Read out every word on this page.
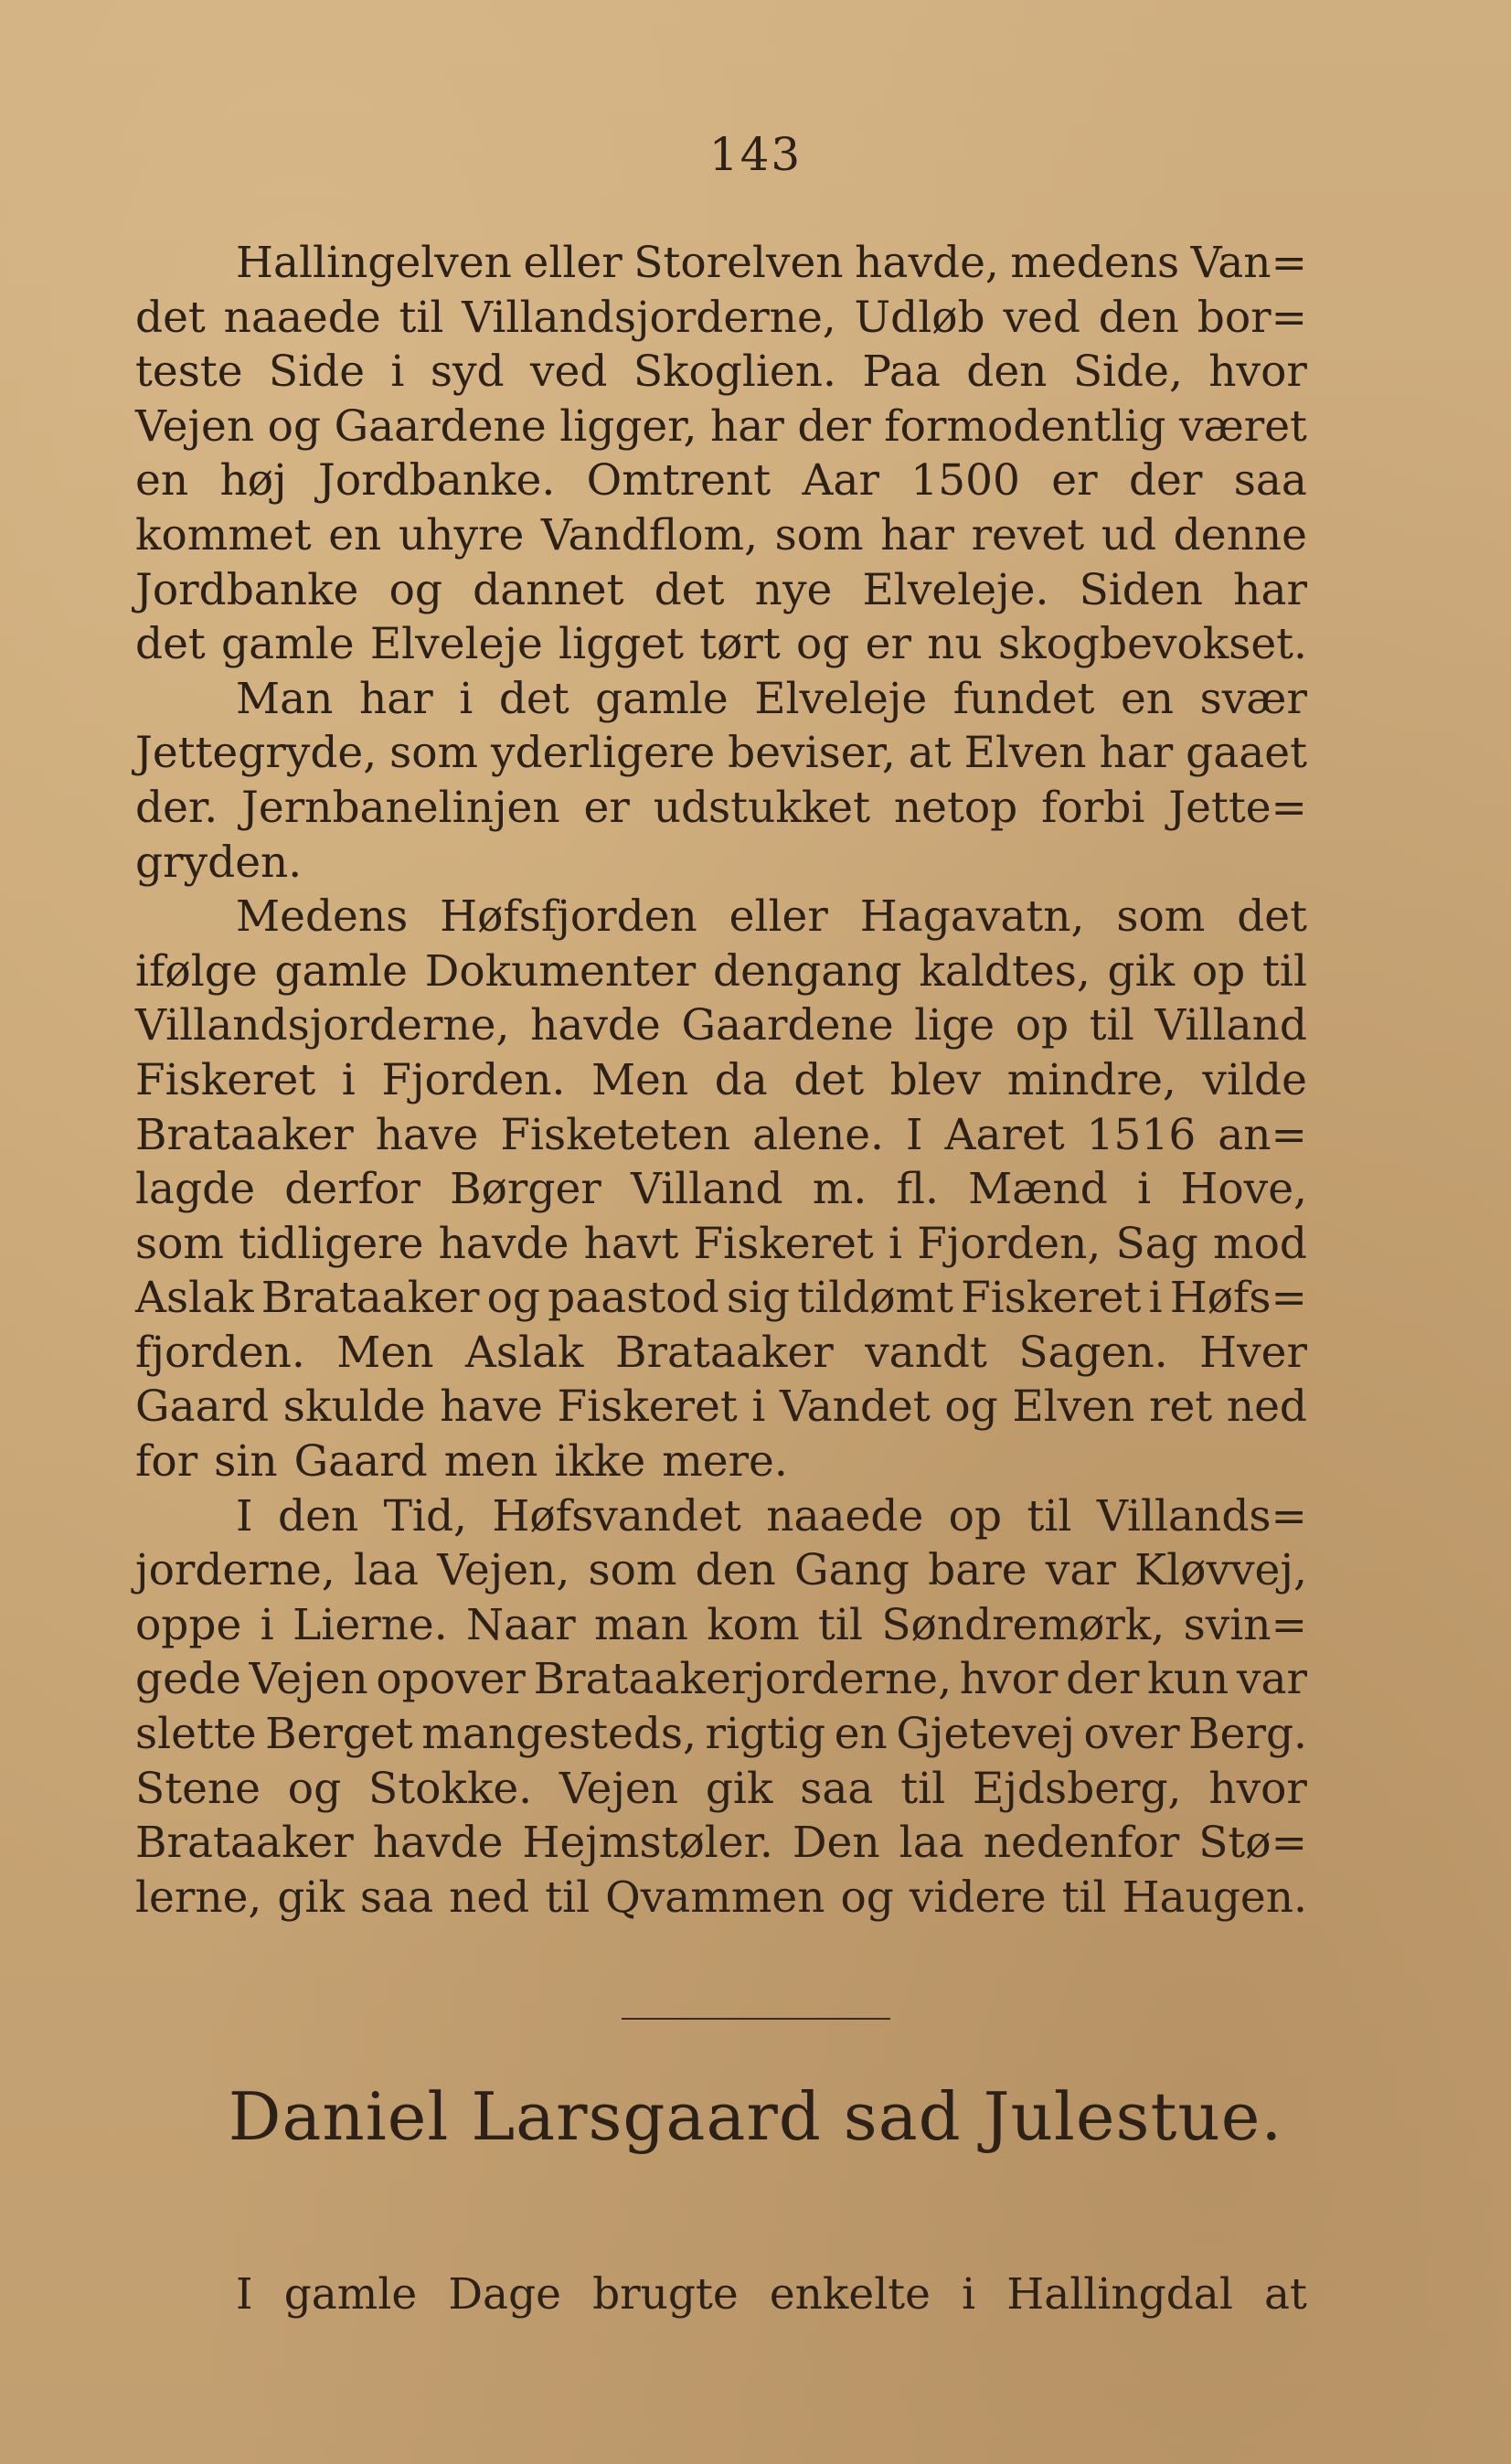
143
Hallingelven eller Storelven havde, medens Van=
det naaede til Villandsjorderne, Udløb ved den bor=
teste Side i syd ved Skoglien. Paa den Side, hvor
Vejen og Gaardene ligger, har der formodentlig været
en høj Jordbanke. Omtrent Aar 1500 er der saa
kommet en uhyre Vandflom, som har revet ud denne
Jordbanke og dannet det nye Elveleje. Siden har
det gamle Elveleje ligget tørt og er nu skogbevokset.
Man har i det gamle Elveleje fundet en svær
Jettegryde, som yderligere beviser, at Elven har gaaet
der. Jernbanelinjen er udstukket netop forbi Jette=
gryden.
Medens Høfsfjorden eller Hagavatn, som det
ifølge gamle Dokumenter dengang kaldtes, gik op til
Villandsjorderne, havde Gaardene lige op til Villand
Fiskeret i Fjorden. Men da det blev mindre, vilde
Brataaker have Fisketeten alene. I Aaret 1516 an=
lagde derfor Børger Villand m. fl. Mænd i Hove,
som tidligere havde havt Fiskeret i Fjorden, Sag mod
Aslak Brataaker og paastod sig tildømt Fiskeret i Høfs=
fjorden. Men Aslak Brataaker vandt Sagen. Hver
Gaard skulde have Fiskeret i Vandet og Elven ret ned
for sin Gaard men ikke mere.
I den Tid, Høfsvandet naaede op til Villands=
jorderne, laa Vejen, som den Gang bare var Kløvvej,
oppe i Lierne. Naar man kom til Søndremørk, svin=
gede Vejen opover Brataakerjorderne, hvor der kun var
slette Berget mangesteds, rigtig en Gjetevej over Berg.
Stene og Stokke. Vejen gik saa til Ejdsberg, hvor
Brataaker havde Hejmstøler. Den laa nedenfor Stø=
lerne, gik saa ned til Qvammen og videre til Haugen.
Daniel Larsgaard sad Julestue.
I gamle Dage brugte enkelte i Hallingdal at
